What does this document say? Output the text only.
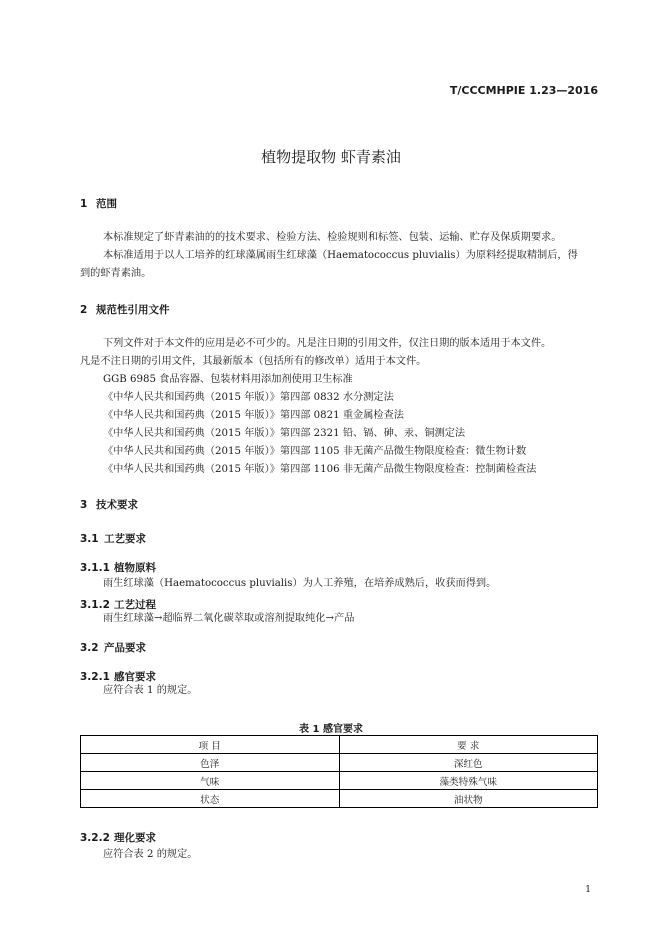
T/CCCMHPIE 1.23—2016
植物提取物 虾青素油
1 范围
本标准规定了虾青素油的的技术要求、检验方法、检验规则和标签、包装、运输、贮存及保质期要求。
本标准适用于以人工培养的红球藻属雨生红球藻（Haematococcus pluvialis）为原料经提取精制后，得
到的虾青素油。
2 规范性引用文件
下列文件对于本文件的应用是必不可少的。凡是注日期的引用文件，仅注日期的版本适用于本文件。
凡是不注日期的引用文件，其最新版本（包括所有的修改单）适用于本文件。
GGB 6985 食品容器、包装材料用添加剂使用卫生标准
《中华人民共和国药典（2015 年版）》第四部 0832 水分测定法
《中华人民共和国药典（2015 年版）》第四部 0821 重金属检查法
《中华人民共和国药典（2015 年版）》第四部 2321 铅、镉、砷、汞、铜测定法
《中华人民共和国药典（2015 年版）》第四部 1105 非无菌产品微生物限度检查：微生物计数
《中华人民共和国药典（2015 年版）》第四部 1106 非无菌产品微生物限度检查：控制菌检查法
3 技术要求
3.1 工艺要求
3.1.1 植物原料
雨生红球藻（Haematococcus pluvialis）为人工养殖，在培养成熟后，收获而得到。
3.1.2 工艺过程
雨生红球藻→超临界二氧化碳萃取或溶剂提取纯化→产品
3.2 产品要求
3.2.1 感官要求
应符合表 1 的规定。
表 1 感官要求
项 目	要 求
色泽	深红色
气味	藻类特殊气味
状态	油状物
3.2.2 理化要求
应符合表 2 的规定。
1
